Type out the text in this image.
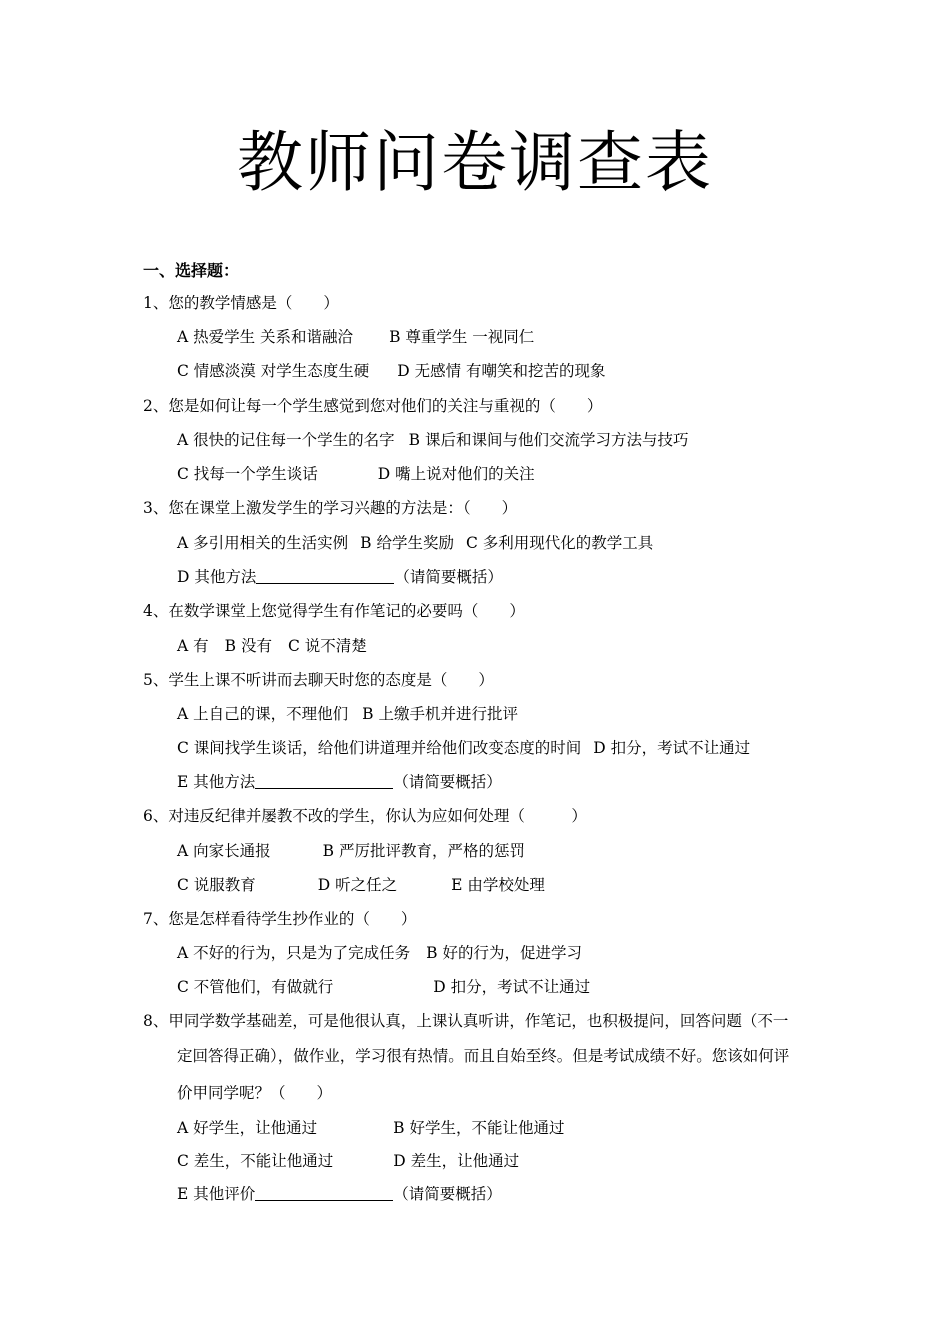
教师问卷调查表
一、选择题：
1、您的教学情感是（　　）
A 热爱学生 关系和谐融洽 B 尊重学生 一视同仁
C 情感淡漠 对学生态度生硬 D 无感情 有嘲笑和挖苦的现象
2、您是如何让每一个学生感觉到您对他们的关注与重视的（　　）
A 很快的记住每一个学生的名字 B 课后和课间与他们交流学习方法与技巧
C 找每一个学生谈话	D 嘴上说对他们的关注
3、您在课堂上激发学生的学习兴趣的方法是：（　　）
A 多引用相关的生活实例 B 给学生奖励 C 多利用现代化的教学工具
D 其他方法	（请简要概括）
4、在数学课堂上您觉得学生有作笔记的必要吗（　　）
A 有 B 没有 C 说不清楚
5、学生上课不听讲而去聊天时您的态度是（　　）
A 上自己的课，不理他们 B 上缴手机并进行批评
C 课间找学生谈话，给他们讲道理并给他们改变态度的时间 D 扣分，考试不让通过
E 其他方法	（请简要概括）
6、对违反纪律并屡教不改的学生，你认为应如何处理（　　　）
A 向家长通报	B 严厉批评教育，严格的惩罚
C 说服教育	D 听之任之	E 由学校处理
7、您是怎样看待学生抄作业的（　　）
A 不好的行为，只是为了完成任务 B 好的行为，促进学习
C 不管他们，有做就行	D 扣分，考试不让通过
8、甲同学数学基础差，可是他很认真，上课认真听讲，作笔记，也积极提问，回答问题（不一
定回答得正确），做作业，学习很有热情。而且自始至终。但是考试成绩不好。您该如何评
价甲同学呢？（　　）
A 好学生，让他通过	B 好学生，不能让他通过
C 差生，不能让他通过	D 差生，让他通过
E 其他评价	（请简要概括）
